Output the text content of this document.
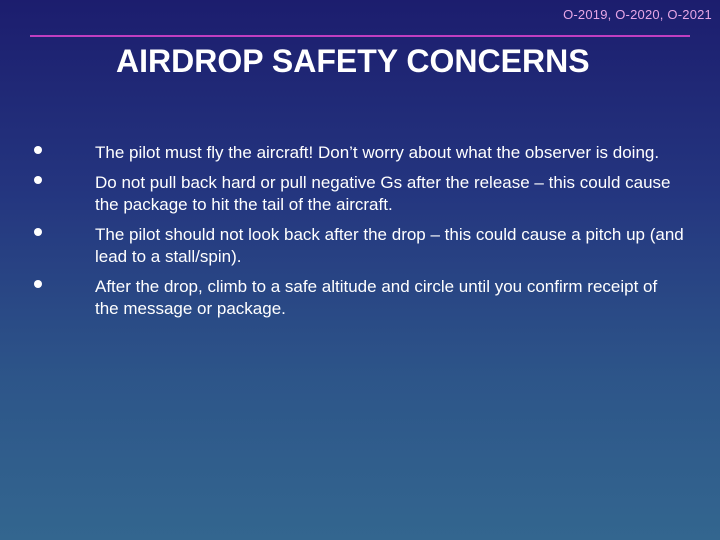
O-2019, O-2020, O-2021
AIRDROP SAFETY CONCERNS
The pilot must fly the aircraft! Don’t worry about what the observer is doing.
Do not pull back hard or pull negative Gs after the release – this could cause the package to hit the tail of the aircraft.
The pilot should not look back after the drop – this could cause a pitch up (and lead to a stall/spin).
After the drop, climb to a safe altitude and circle until you confirm receipt of the message or package.
